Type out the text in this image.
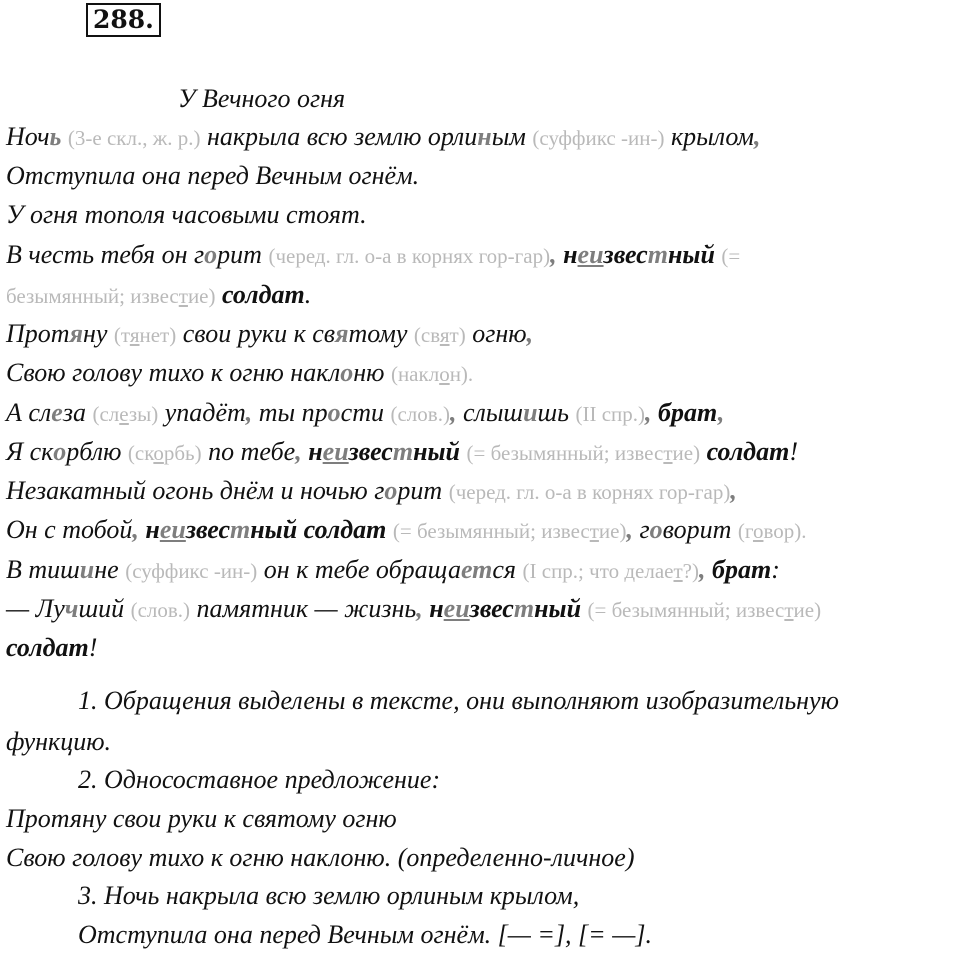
288.
У Вечного огня
Ночь (3-е скл., ж. р.) накрыла всю землю орлиным (суффикс -ин-) крылом,
Отступила она перед Вечным огнём.
У огня тополя часовыми стоят.
В честь тебя он горит (черед. гл. о-а в корнях гор-гар), неизвестный (=
безымянный; известие) солдат.
Протяну (тянет) свои руки к святому (свят) огню,
Свою голову тихо к огню наклоню (наклон).
А слеза (слезы) упадёт, ты прости (слов.), слышишь (II спр.), брат,
Я скорблю (скорбь) по тебе, неизвестный (= безымянный; известие) солдат!
Незакатный огонь днём и ночью горит (черед. гл. о-а в корнях гор-гар),
Он с тобой, неизвестный солдат (= безымянный; известие), говорит (говор).
В тишине (суффикс -ин-) он к тебе обращается (I спр.; что делает?), брат:
— Лучший (слов.) памятник — жизнь, неизвестный (= безымянный; известие)
солдат!
1. Обращения выделены в тексте, они выполняют изобразительную
функцию.
2. Односоставное предложение:
Протяну свои руки к святому огню
Свою голову тихо к огню наклоню. (определенно-личное)
3. Ночь накрыла всю землю орлиным крылом,
Отступила она перед Вечным огнём. [— =], [= —].
